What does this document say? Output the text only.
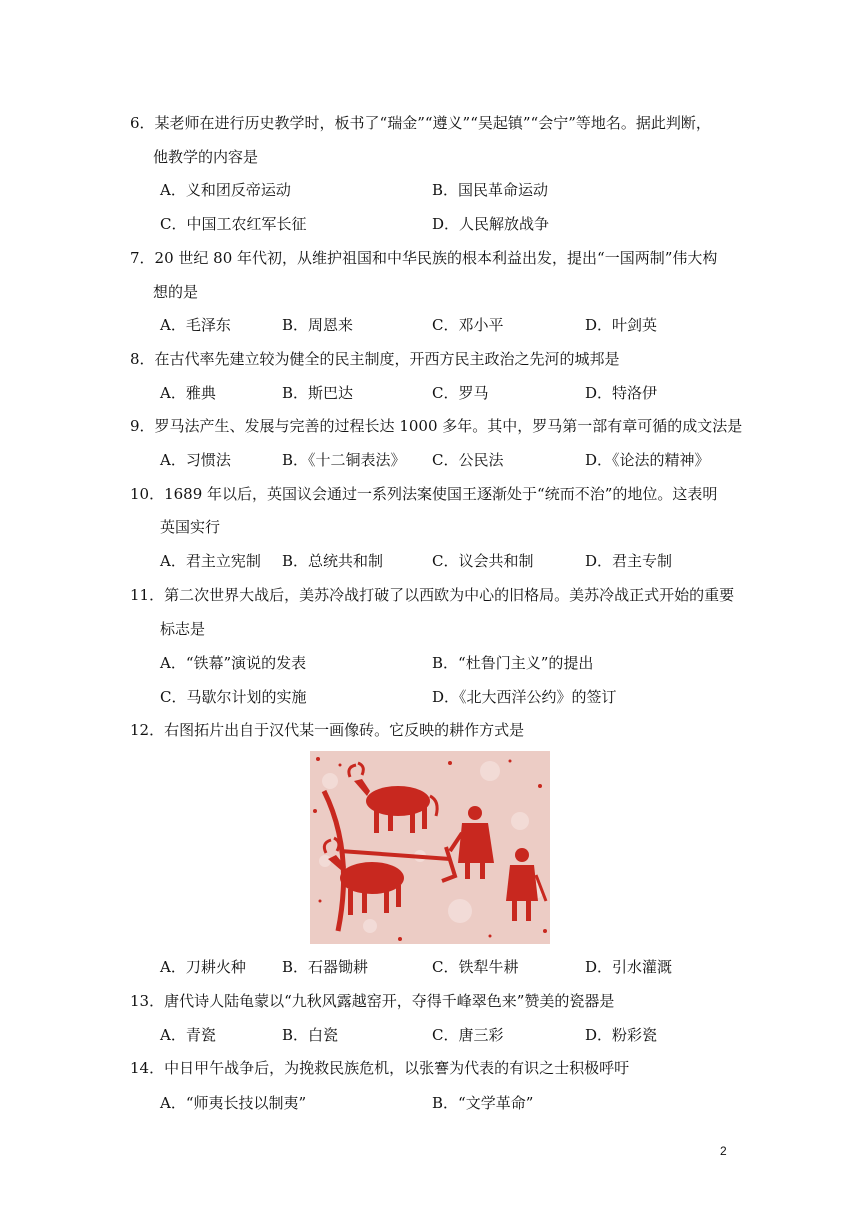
6．某老师在进行历史教学时，板书了“瑞金”“遵义”“吴起镇”“会宁”等地名。据此判断，
他教学的内容是
A．义和团反帝运动	B．国民革命运动
C．中国工农红军长征	D．人民解放战争
7．20 世纪 80 年代初，从维护祖国和中华民族的根本利益出发，提出“一国两制”伟大构
想的是
A．毛泽东	B．周恩来	C．邓小平	D．叶剑英
8．在古代率先建立较为健全的民主制度，开西方民主政治之先河的城邦是
A．雅典	B．斯巴达	C．罗马	D．特洛伊
9．罗马法产生、发展与完善的过程长达 1000 多年。其中，罗马第一部有章可循的成文法是
A．习惯法	B．《十二铜表法》 C．公民法	D．《论法的精神》
10．1689 年以后，英国议会通过一系列法案使国王逐渐处于“统而不治”的地位。这表明
英国实行
A．君主立宪制 B．总统共和制	C．议会共和制	D．君主专制
11．第二次世界大战后，美苏冷战打破了以西欧为中心的旧格局。美苏冷战正式开始的重要
标志是
A．“铁幕”演说的发表	B．“杜鲁门主义”的提出
C．马歇尔计划的实施	D．《北大西洋公约》的签订
12．右图拓片出自于汉代某一画像砖。它反映的耕作方式是
A．刀耕火种 B．石器锄耕	C．铁犁牛耕	D．引水灌溉
13．唐代诗人陆龟蒙以“九秋风露越窑开，夺得千峰翠色来”赞美的瓷器是
A．青瓷	B．白瓷	C．唐三彩	D．粉彩瓷
14．中日甲午战争后，为挽救民族危机，以张謇为代表的有识之士积极呼吁
A．“师夷长技以制夷”	B．“文学革命”
2
